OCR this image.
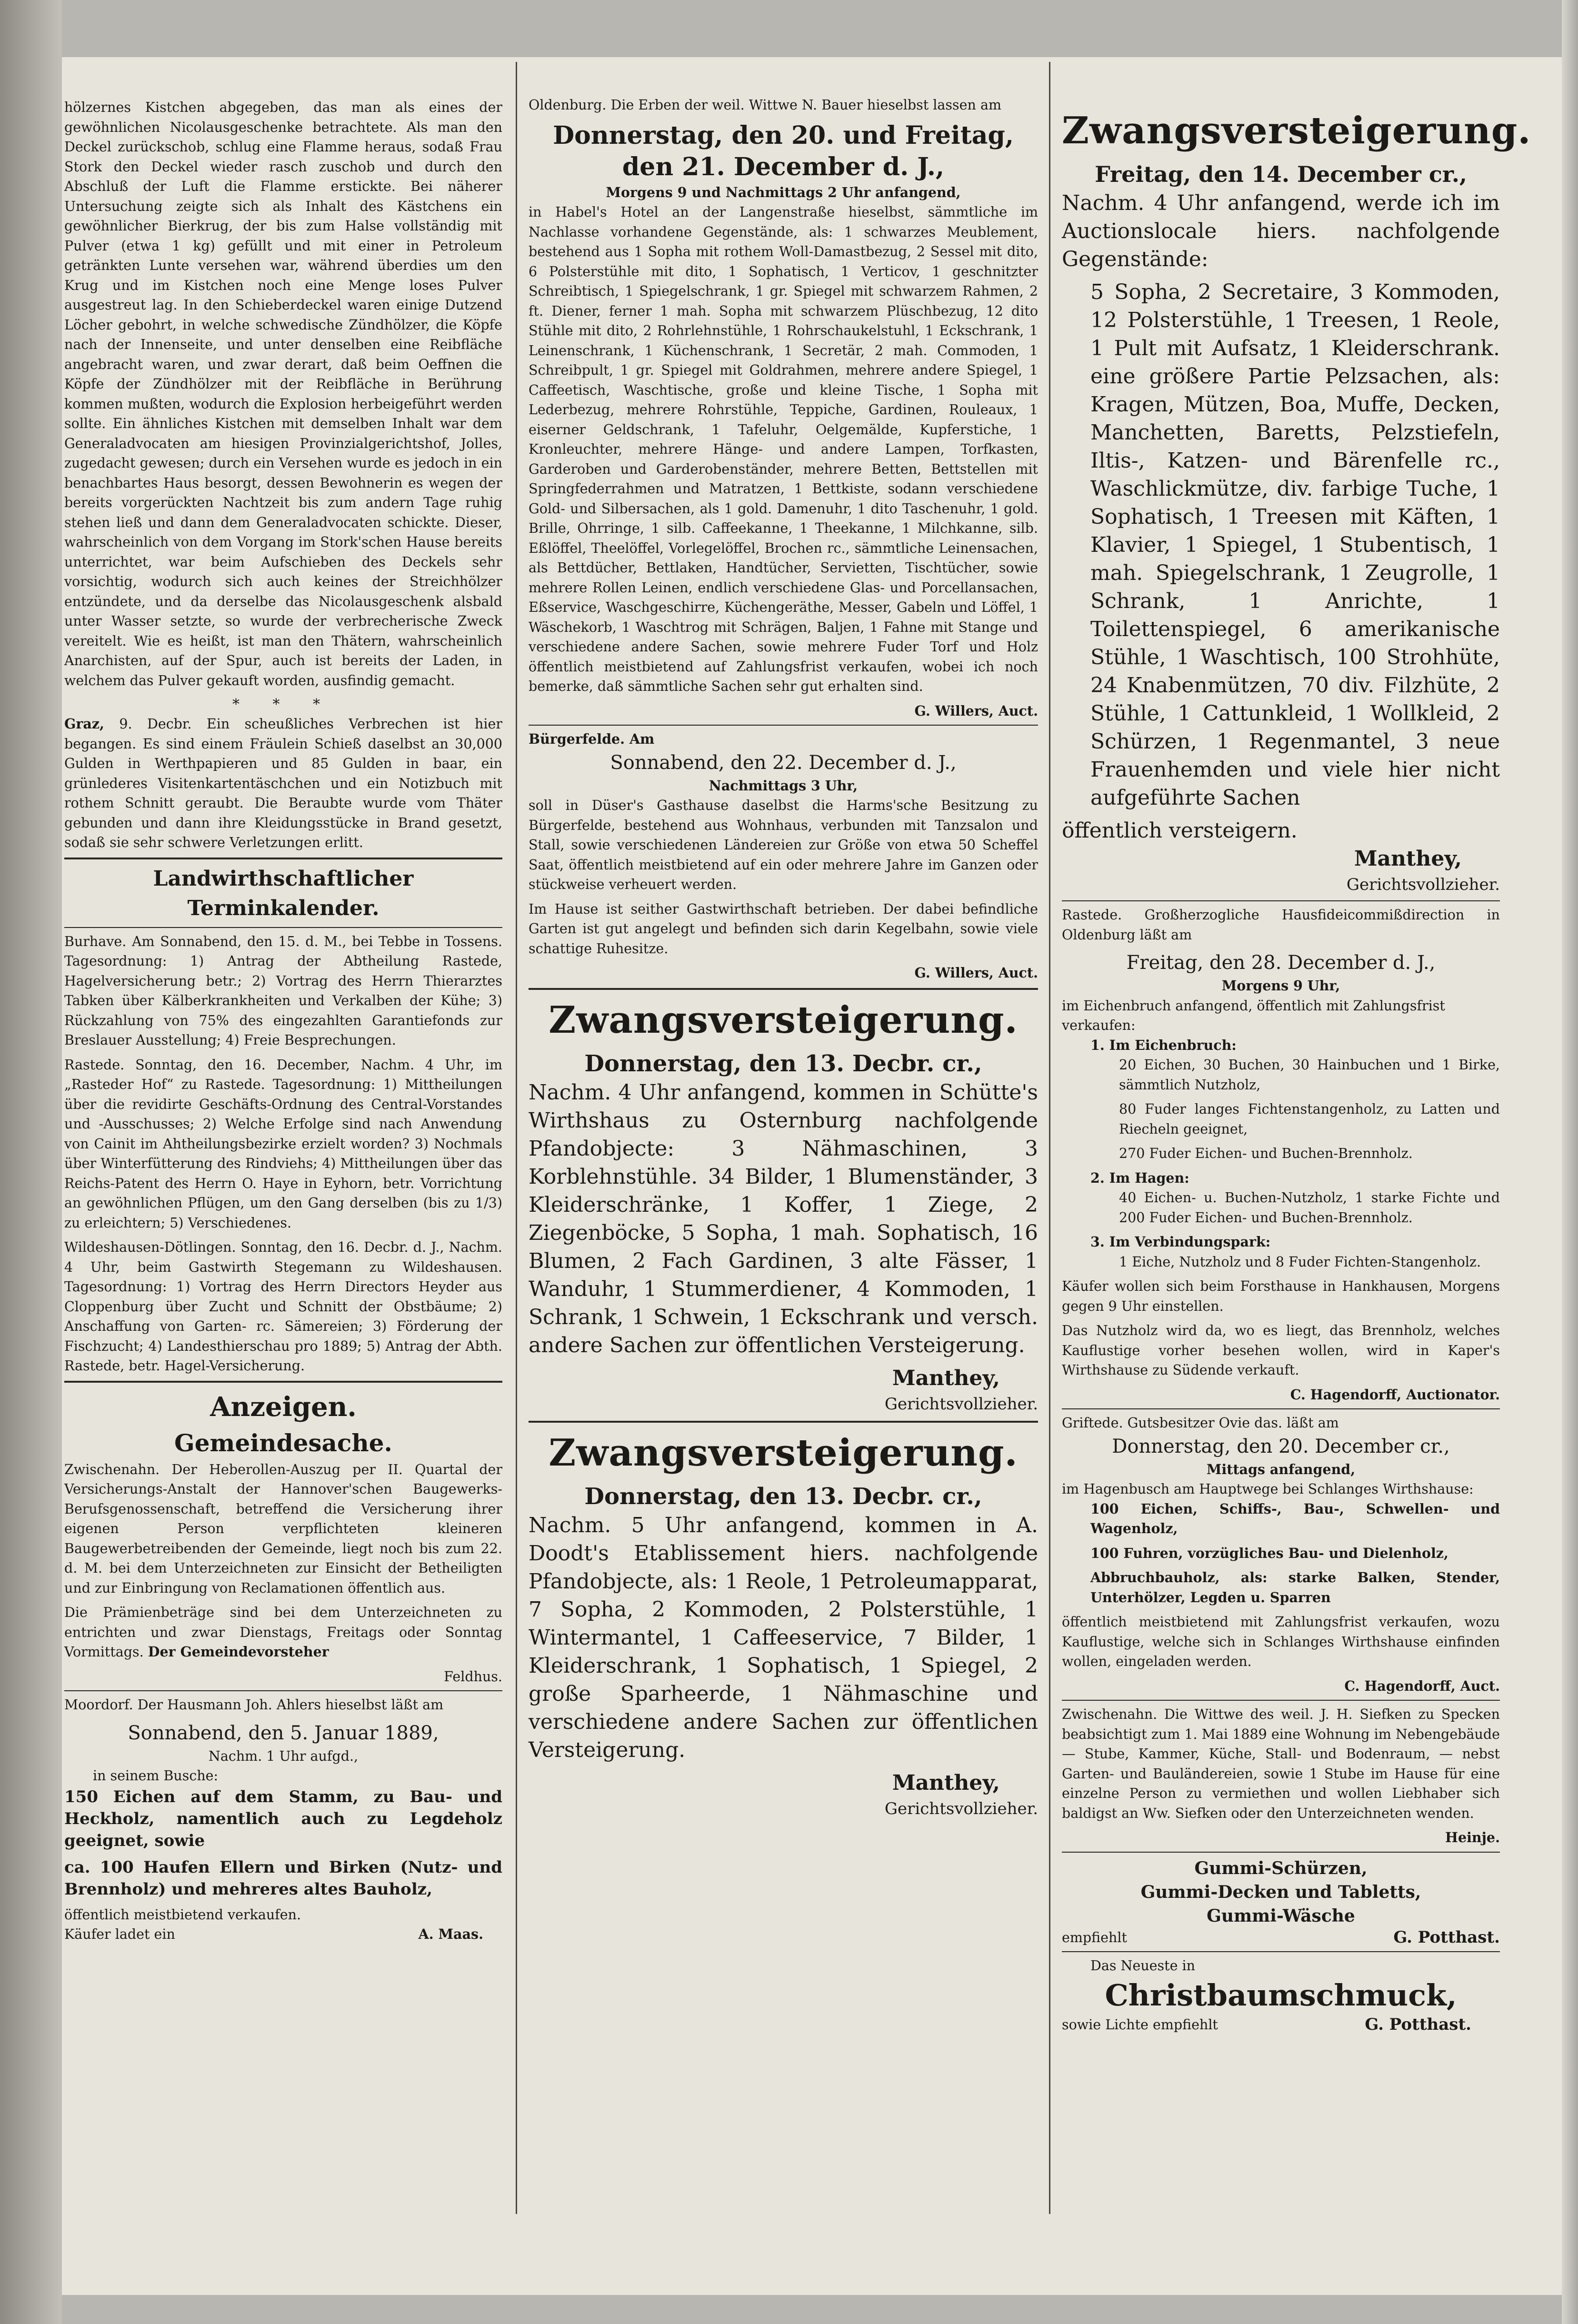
hölzernes Kistchen abgegeben, das man als eines der gewöhnlichen Nicolausgeschenke betrachtete. Als man den Deckel zurückschob, schlug eine Flamme heraus, sodaß Frau Stork den Deckel wieder rasch zuschob und durch den Abschluß der Luft die Flamme erstickte. Bei näherer Untersuchung zeigte sich als Inhalt des Kästchens ein gewöhnlicher Bierkrug, der bis zum Halse vollständig mit Pulver (etwa 1 kg) gefüllt und mit einer in Petroleum getränkten Lunte versehen war, während überdies um den Krug und im Kistchen noch eine Menge loses Pulver ausgestreut lag. In den Schieberdeckel waren einige Dutzend Löcher gebohrt, in welche schwedische Zündhölzer, die Köpfe nach der Innenseite, und unter denselben eine Reibfläche angebracht waren, und zwar derart, daß beim Oeffnen die Köpfe der Zündhölzer mit der Reibfläche in Berührung kommen mußten, wodurch die Explosion herbeigeführt werden sollte. Ein ähnliches Kistchen mit demselben Inhalt war dem Generaladvocaten am hiesigen Provinzialgerichtshof, Jolles, zugedacht gewesen; durch ein Versehen wurde es jedoch in ein benachbartes Haus besorgt, dessen Bewohnerin es wegen der bereits vorgerückten Nachtzeit bis zum andern Tage ruhig stehen ließ und dann dem Generaladvocaten schickte. Dieser, wahrscheinlich von dem Vorgang im Stork'schen Hause bereits unterrichtet, war beim Aufschieben des Deckels sehr vorsichtig, wodurch sich auch keines der Streichhölzer entzündete, und da derselbe das Nicolausgeschenk alsbald unter Wasser setzte, so wurde der verbrecherische Zweck vereitelt. Wie es heißt, ist man den Thätern, wahrscheinlich Anarchisten, auf der Spur, auch ist bereits der Laden, in welchem das Pulver gekauft worden, ausfindig gemacht.

* * *

Graz, 9. Decbr. Ein scheußliches Verbrechen ist hier begangen. Es sind einem Fräulein Schieß daselbst an 30,000 Gulden in Werthpapieren und 85 Gulden in baar, ein grünlederes Visitenkartentäschchen und ein Notizbuch mit rothem Schnitt geraubt. Die Beraubte wurde vom Thäter gebunden und dann ihre Kleidungsstücke in Brand gesetzt, sodaß sie sehr schwere Verletzungen erlitt.

Landwirthschaftlicher Terminkalender.

Burhave. Am Sonnabend, den 15. d. M., bei Tebbe in Tossens. Tagesordnung: 1) Antrag der Abtheilung Rastede, Hagelversicherung betr.; 2) Vortrag des Herrn Thierarztes Tabken über Kälberkrankheiten und Verkalben der Kühe; 3) Rückzahlung von 75% des eingezahlten Garantiefonds zur Breslauer Ausstellung; 4) Freie Besprechungen.

Rastede. Sonntag, den 16. December, Nachm. 4 Uhr, im „Rasteder Hof“ zu Rastede. Tagesordnung: 1) Mittheilungen über die revidirte Geschäfts-Ordnung des Central-Vorstandes und -Ausschusses; 2) Welche Erfolge sind nach Anwendung von Cainit im Ahtheilungsbezirke erzielt worden? 3) Nochmals über Winterfütterung des Rindviehs; 4) Mittheilungen über das Reichs-Patent des Herrn O. Haye in Eyhorn, betr. Vorrichtung an gewöhnlichen Pflügen, um den Gang derselben (bis zu 1/3) zu erleichtern; 5) Verschiedenes.

Wildeshausen-Dötlingen. Sonntag, den 16. Decbr. d. J., Nachm. 4 Uhr, beim Gastwirth Stegemann zu Wildeshausen. Tagesordnung: 1) Vortrag des Herrn Directors Heyder aus Cloppenburg über Zucht und Schnitt der Obstbäume; 2) Anschaffung von Garten- rc. Sämereien; 3) Förderung der Fischzucht; 4) Landesthierschau pro 1889; 5) Antrag der Abth. Rastede, betr. Hagel-Versicherung.

Anzeigen.
Gemeindesache.

Zwischenahn. Der Heberollen-Auszug per II. Quartal der Versicherungs-Anstalt der Hannover'schen Baugewerks-Berufsgenossenschaft, betreffend die Versicherung ihrer eigenen Person verpflichteten kleineren Baugewerbetreibenden der Gemeinde, liegt noch bis zum 22. d. M. bei dem Unterzeichneten zur Einsicht der Betheiligten und zur Einbringung von Reclamationen öffentlich aus.

Die Prämienbeträge sind bei dem Unterzeichneten zu entrichten und zwar Dienstags, Freitags oder Sonntag Vormittags. Der Gemeindevorsteher

Feldhus.

Moordorf. Der Hausmann Joh. Ahlers hieselbst läßt am

Sonnabend, den 5. Januar 1889,
Nachm. 1 Uhr aufgd.,
in seinem Busche:

150 Eichen auf dem Stamm, zu Bau- und Heckholz, namentlich auch zu Legdeholz geeignet, sowie

ca. 100 Haufen Ellern und Birken (Nutz- und Brennholz) und mehreres altes Bauholz,

öffentlich meistbietend verkaufen.
Käufer ladet ein	A. Maas.

Oldenburg. Die Erben der weil. Wittwe N. Bauer hieselbst lassen am

Donnerstag, den 20. und Freitag, den 21. December d. J.,
Morgens 9 und Nachmittags 2 Uhr anfangend,

in Habel's Hotel an der Langenstraße hieselbst, sämmtliche im Nachlasse vorhandene Gegenstände, als: 1 schwarzes Meublement, bestehend aus 1 Sopha mit rothem Woll-Damastbezug, 2 Sessel mit dito, 6 Polsterstühle mit dito, 1 Sophatisch, 1 Verticov, 1 geschnitzter Schreibtisch, 1 Spiegelschrank, 1 gr. Spiegel mit schwarzem Rahmen, 2 ft. Diener, ferner 1 mah. Sopha mit schwarzem Plüschbezug, 12 dito Stühle mit dito, 2 Rohrlehnstühle, 1 Rohrschaukelstuhl, 1 Eckschrank, 1 Leinenschrank, 1 Küchenschrank, 1 Secretär, 2 mah. Commoden, 1 Schreibpult, 1 gr. Spiegel mit Goldrahmen, mehrere andere Spiegel, 1 Caffeetisch, Waschtische, große und kleine Tische, 1 Sopha mit Lederbezug, mehrere Rohrstühle, Teppiche, Gardinen, Rouleaux, 1 eiserner Geldschrank, 1 Tafeluhr, Oelgemälde, Kupferstiche, 1 Kronleuchter, mehrere Hänge- und andere Lampen, Torfkasten, Garderoben und Garderobenständer, mehrere Betten, Bettstellen mit Springfederrahmen und Matratzen, 1 Bettkiste, sodann verschiedene Gold- und Silbersachen, als 1 gold. Damenuhr, 1 dito Taschenuhr, 1 gold. Brille, Ohrringe, 1 silb. Caffeekanne, 1 Theekanne, 1 Milchkanne, silb. Eßlöffel, Theelöffel, Vorlegelöffel, Brochen rc., sämmtliche Leinensachen, als Bettdücher, Bettlaken, Handtücher, Servietten, Tischtücher, sowie mehrere Rollen Leinen, endlich verschiedene Glas- und Porcellansachen, Eßservice, Waschgeschirre, Küchengeräthe, Messer, Gabeln und Löffel, 1 Wäschekorb, 1 Waschtrog mit Schrägen, Baljen, 1 Fahne mit Stange und verschiedene andere Sachen, sowie mehrere Fuder Torf und Holz öffentlich meistbietend auf Zahlungsfrist verkaufen, wobei ich noch bemerke, daß sämmtliche Sachen sehr gut erhalten sind.

G. Willers, Auct.
Bürgerfelde. Am
Sonnabend, den 22. December d. J.,
Nachmittags 3 Uhr,

soll in Düser's Gasthause daselbst die Harms'sche Besitzung zu Bürgerfelde, bestehend aus Wohnhaus, verbunden mit Tanzsalon und Stall, sowie verschiedenen Ländereien zur Größe von etwa 50 Scheffel Saat, öffentlich meistbietend auf ein oder mehrere Jahre im Ganzen oder stückweise verheuert werden.

Im Hause ist seither Gastwirthschaft betrieben. Der dabei befindliche Garten ist gut angelegt und befinden sich darin Kegelbahn, sowie viele schattige Ruhesitze.

G. Willers, Auct.
Zwangsversteigerung.
Donnerstag, den 13. Decbr. cr.,

Nachm. 4 Uhr anfangend, kommen in Schütte's Wirthshaus zu Osternburg nachfolgende Pfandobjecte: 3 Nähmaschinen, 3 Korblehnstühle. 34 Bilder, 1 Blumenständer, 3 Kleiderschränke, 1 Koffer, 1 Ziege, 2 Ziegenböcke, 5 Sopha, 1 mah. Sophatisch, 16 Blumen, 2 Fach Gardinen, 3 alte Fässer, 1 Wanduhr, 1 Stummerdiener, 4 Kommoden, 1 Schrank, 1 Schwein, 1 Eckschrank und versch. andere Sachen zur öffentlichen Versteigerung.

Manthey,
Gerichtsvollzieher.
Zwangsversteigerung.
Donnerstag, den 13. Decbr. cr.,

Nachm. 5 Uhr anfangend, kommen in A. Doodt's Etablissement hiers. nachfolgende Pfandobjecte, als: 1 Reole, 1 Petroleumapparat, 7 Sopha, 2 Kommoden, 2 Polsterstühle, 1 Wintermantel, 1 Caffeeservice, 7 Bilder, 1 Kleiderschrank, 1 Sophatisch, 1 Spiegel, 2 große Sparheerde, 1 Nähmaschine und verschiedene andere Sachen zur öffentlichen Versteigerung.

Manthey,
Gerichtsvollzieher.
Zwangsversteigerung.
Freitag, den 14. December cr.,

Nachm. 4 Uhr anfangend, werde ich im Auctionslocale hiers. nachfolgende Gegenstände:

5 Sopha, 2 Secretaire, 3 Kommoden, 12 Polsterstühle, 1 Treesen, 1 Reole, 1 Pult mit Aufsatz, 1 Kleiderschrank. eine größere Partie Pelzsachen, als: Kragen, Mützen, Boa, Muffe, Decken, Manchetten, Baretts, Pelzstiefeln, Iltis-, Katzen- und Bärenfelle rc., Waschlickmütze, div. farbige Tuche, 1 Sophatisch, 1 Treesen mit Käften, 1 Klavier, 1 Spiegel, 1 Stubentisch, 1 mah. Spiegelschrank, 1 Zeugrolle, 1 Schrank, 1 Anrichte, 1 Toilettenspiegel, 6 amerikanische Stühle, 1 Waschtisch, 100 Strohhüte, 24 Knabenmützen, 70 div. Filzhüte, 2 Stühle, 1 Cattunkleid, 1 Wollkleid, 2 Schürzen, 1 Regenmantel, 3 neue Frauenhemden und viele hier nicht aufgeführte Sachen

öffentlich versteigern.
Manthey,
Gerichtsvollzieher.

Rastede. Großherzogliche Hausfideicommißdirection in Oldenburg läßt am

Freitag, den 28. December d. J.,
Morgens 9 Uhr,
im Eichenbruch anfangend, öffentlich mit Zahlungsfrist verkaufen:
1. Im Eichenbruch:

20 Eichen, 30 Buchen, 30 Hainbuchen und 1 Birke, sämmtlich Nutzholz,

80 Fuder langes Fichtenstangenholz, zu Latten und Riecheln geeignet,

270 Fuder Eichen- und Buchen-Brennholz.

2. Im Hagen:

40 Eichen- u. Buchen-Nutzholz, 1 starke Fichte und 200 Fuder Eichen- und Buchen-Brennholz.

3. Im Verbindungspark:

1 Eiche, Nutzholz und 8 Fuder Fichten-Stangenholz.

Käufer wollen sich beim Forsthause in Hankhausen, Morgens gegen 9 Uhr einstellen.

Das Nutzholz wird da, wo es liegt, das Brennholz, welches Kauflustige vorher besehen wollen, wird in Kaper's Wirthshause zu Südende verkauft.

C. Hagendorff, Auctionator.
Griftede. Gutsbesitzer Ovie das. läßt am
Donnerstag, den 20. December cr.,
Mittags anfangend,
im Hagenbusch am Hauptwege bei Schlanges Wirthshause:

100 Eichen, Schiffs-, Bau-, Schwellen- und Wagenholz,

100 Fuhren, vorzügliches Bau- und Dielenholz,

Abbruchbauholz, als: starke Balken, Stender, Unterhölzer, Legden u. Sparren

öffentlich meistbietend mit Zahlungsfrist verkaufen, wozu Kauflustige, welche sich in Schlanges Wirthshause einfinden wollen, eingeladen werden.

C. Hagendorff, Auct.

Zwischenahn. Die Wittwe des weil. J. H. Siefken zu Specken beabsichtigt zum 1. Mai 1889 eine Wohnung im Nebengebäude — Stube, Kammer, Küche, Stall- und Bodenraum, — nebst Garten- und Bauländereien, sowie 1 Stube im Hause für eine einzelne Person zu vermiethen und wollen Liebhaber sich baldigst an Ww. Siefken oder den Unterzeichneten wenden.

Heinje.
Gummi-Schürzen,
Gummi-Decken und Tabletts,
Gummi-Wäsche
empfiehlt	G. Potthast.
Das Neueste in
Christbaumschmuck,
sowie Lichte empfiehlt	G. Potthast.
